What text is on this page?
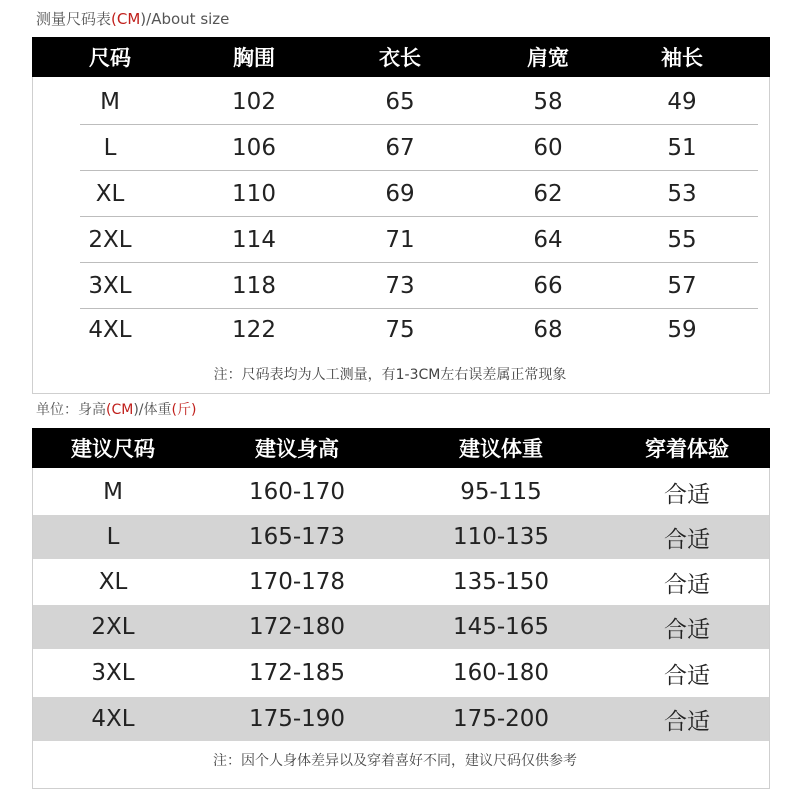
测量尺码表(CM)/About size
尺码	胸围	衣长	肩宽	袖长
M	102	65	58	49
L	106	67	60	51
XL	110	69	62	53
2XL	114	71	64	55
3XL	118	73	66	57
4XL	122	75	68	59
注：尺码表均为人工测量，有1-3CM左右误差属正常现象
单位：身高(CM)/体重(斤)
建议尺码	建议身高	建议体重	穿着体验
M	160-170	95-115	合适
L	165-173	110-135	合适
XL	170-178	135-150	合适
2XL	172-180	145-165	合适
3XL	172-185	160-180	合适
4XL	175-190	175-200	合适
注：因个人身体差异以及穿着喜好不同，建议尺码仅供参考
